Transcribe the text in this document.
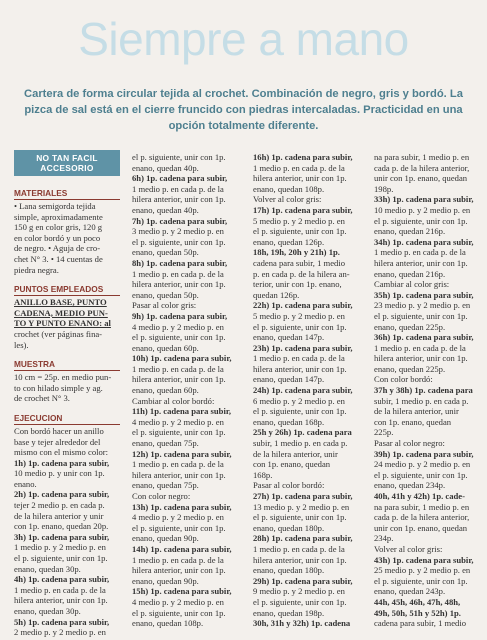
Siempre a mano
Cartera de forma circular tejida al crochet. Combinación de negro, gris y bordó. La pizca de sal está en el cierre fruncido con piedras intercaladas. Practicidad en una opción totalmente diferente.
NO TAN FACIL
ACCESORIO
MATERIALES
• Lana semigorda tejida
simple, aproximadamente
150 g en color gris, 120 g
en color bordó y un poco
de negro. • Aguja de cro-
chet N° 3. • 14 cuentas de
piedra negra.
PUNTOS EMPLEADOS
ANILLO BASE, PUNTO
CADENA, MEDIO PUN-
TO Y PUNTO ENANO: al
crochet (ver páginas fina-
les).
MUESTRA
10 cm = 25p. en medio pun-
to con hilado simple y ag.
de crochet N° 3.
EJECUCION
Con bordó hacer un anillo
base y tejer alrededor del
mismo con el mismo color:
1h) 1p. cadena para subir,
10 medio p. y unir con 1p.
enano.
2h) 1p. cadena para subir,
tejer 2 medio p. en cada p.
de la hilera anterior y unir
con 1p. enano, quedan 20p.
3h) 1p. cadena para subir,
1 medio p. y 2 medio p. en
el p. siguiente, unir con 1p.
enano, quedan 30p.
4h) 1p. cadena para subir,
1 medio p. en cada p. de la
hilera anterior, unir con 1p.
enano, quedan 30p.
5h) 1p. cadena para subir,
2 medio p. y 2 medio p. en
el p. siguiente, unir con 1p.
enano, quedan 40p.
6h) 1p. cadena para subir,
1 medio p. en cada p. de la
hilera anterior, unir con 1p.
enano, quedan 40p.
7h) 1p. cadena para subir,
3 medio p. y 2 medio p. en
el p. siguiente, unir con 1p.
enano, quedan 50p.
8h) 1p. cadena para subir,
1 medio p. en cada p. de la
hilera anterior, unir con 1p.
enano, quedan 50p.
Pasar al color gris:
9h) 1p. cadena para subir,
4 medio p. y 2 medio p. en
el p. siguiente, unir con 1p.
enano, quedan 60p.
10h) 1p. cadena para subir,
1 medio p. en cada p. de la
hilera anterior, unir con 1p.
enano, quedan 60p.
Cambiar al color bordó:
11h) 1p. cadena para subir,
4 medio p. y 2 medio p. en
el p. siguiente, unir con 1p.
enano, quedan 75p.
12h) 1p. cadena para subir,
1 medio p. en cada p. de la
hilera anterior, unir con 1p.
enano, quedan 75p.
Con color negro:
13h) 1p. cadena para subir,
4 medio p. y 2 medio p. en
el p. siguiente, unir con 1p.
enano, quedan 90p.
14h) 1p. cadena para subir,
1 medio p. en cada p. de la
hilera anterior, unir con 1p.
enano, quedan 90p.
15h) 1p. cadena para subir,
4 medio p. y 2 medio p. en
el p. siguiente, unir con 1p.
enano, quedan 108p.
16h) 1p. cadena para subir,
1 medio p. en cada p. de la
hilera anterior, unir con 1p.
enano, quedan 108p.
Volver al color gris:
17h) 1p. cadena para subir,
5 medio p. y 2 medio p. en
el p. siguiente, unir con 1p.
enano, quedan 126p.
18h, 19h, 20h y 21h) 1p.
cadena para subir, 1 medio
p. en cada p. de la hilera an-
terior, unir con 1p. enano,
quedan 126p.
22h) 1p. cadena para subir,
5 medio p. y 2 medio p. en
el p. siguiente, unir con 1p.
enano, quedan 147p.
23h) 1p. cadena para subir,
1 medio p. en cada p. de la
hilera anterior, unir con 1p.
enano, quedan 147p.
24h) 1p. cadena para subir,
6 medio p. y 2 medio p. en
el p. siguiente, unir con 1p.
enano, quedan 168p.
25h y 26h) 1p. cadena para
subir, 1 medio p. en cada p.
de la hilera anterior, unir
con 1p. enano, quedan
168p.
Pasar al color bordó:
27h) 1p. cadena para subir,
13 medio p. y 2 medio p. en
el p. siguiente, unir con 1p.
enano, quedan 180p.
28h) 1p. cadena para subir,
1 medio p. en cada p. de la
hilera anterior, unir con 1p.
enano, quedan 180p.
29h) 1p. cadena para subir,
9 medio p. y 2 medio p. en
el p. siguiente, unir con 1p.
enano, quedan 198p.
30h, 31h y 32h) 1p. cadena
na para subir, 1 medio p. en
cada p. de la hilera anterior,
unir con 1p. enano, quedan
198p.
33h) 1p. cadena para subir,
10 medio p. y 2 medio p. en
el p. siguiente, unir con 1p.
enano, quedan 216p.
34h) 1p. cadena para subir,
1 medio p. en cada p. de la
hilera anterior, unir con 1p.
enano, quedan 216p.
Cambiar al color gris:
35h) 1p. cadena para subir,
23 medio p. y 2 medio p. en
el p. siguiente, unir con 1p.
enano, quedan 225p.
36h) 1p. cadena para subir,
1 medio p. en cada p. de la
hilera anterior, unir con 1p.
enano, quedan 225p.
Con color bordó:
37h y 38h) 1p. cadena para
subir, 1 medio p. en cada p.
de la hilera anterior, unir
con 1p. enano, quedan
225p.
Pasar al color negro:
39h) 1p. cadena para subir,
24 medio p. y 2 medio p. en
el p. siguiente, unir con 1p.
enano, quedan 234p.
40h, 41h y 42h) 1p. cade-
na para subir, 1 medio p. en
cada p. de la hilera anterior,
unir con 1p. enano, quedan
234p.
Volver al color gris:
43h) 1p. cadena para subir,
25 medio p. y 2 medio p. en
el p. siguiente, unir con 1p.
enano, quedan 243p.
44h, 45h, 46h, 47h, 48h,
49h, 50h, 51h y 52h) 1p.
cadena para subir, 1 medio
